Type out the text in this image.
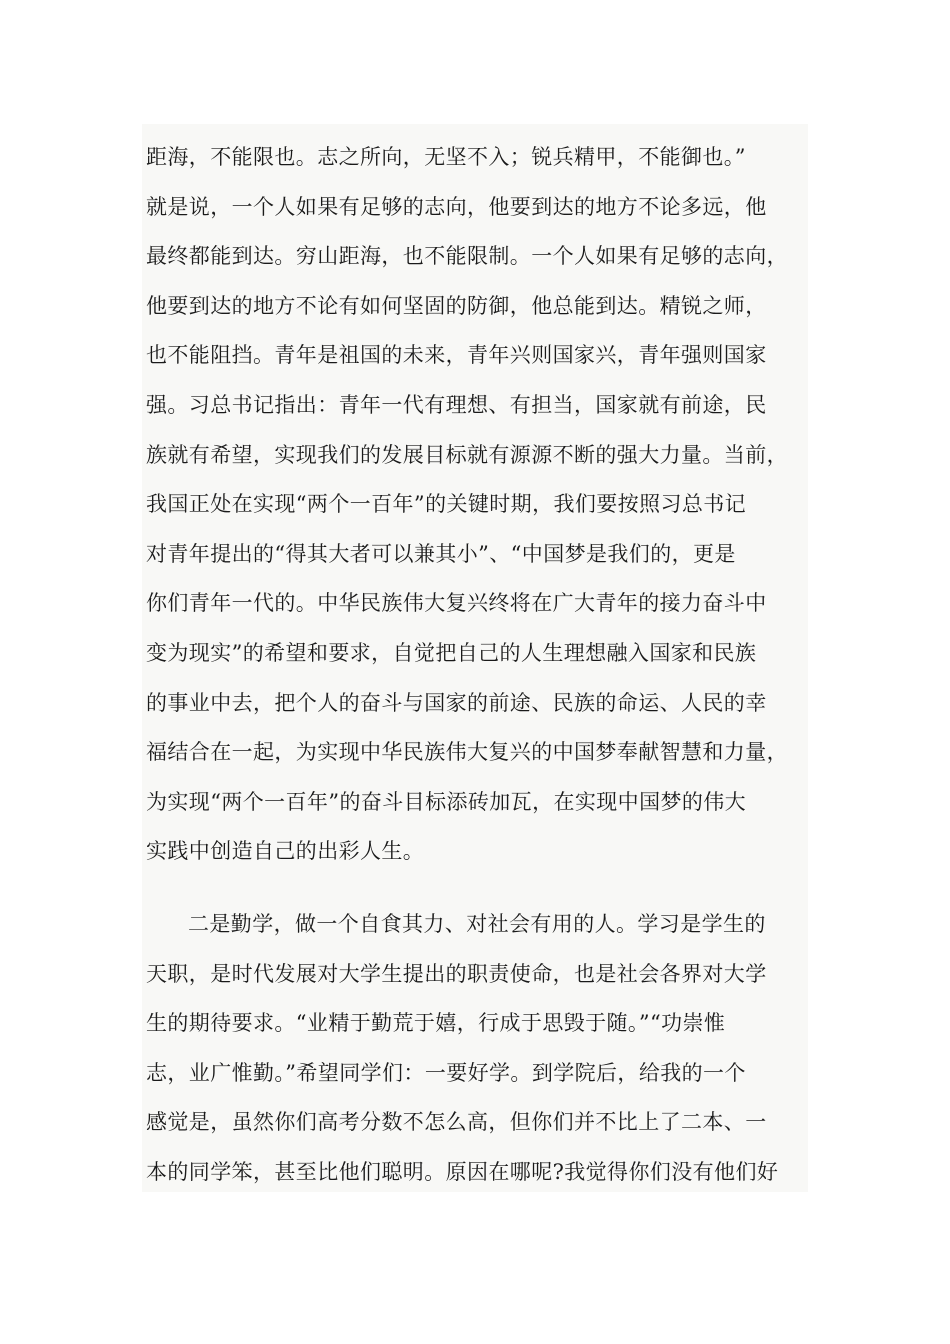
距海，不能限也。志之所向，无坚不入；锐兵精甲，不能御也。”
就是说，一个人如果有足够的志向，他要到达的地方不论多远，他
最终都能到达。穷山距海，也不能限制。一个人如果有足够的志向，
他要到达的地方不论有如何坚固的防御，他总能到达。精锐之师，
也不能阻挡。青年是祖国的未来，青年兴则国家兴，青年强则国家
强。习总书记指出：青年一代有理想、有担当，国家就有前途，民
族就有希望，实现我们的发展目标就有源源不断的强大力量。当前，
我国正处在实现“两个一百年”的关键时期，我们要按照习总书记
对青年提出的“得其大者可以兼其小”、“中国梦是我们的，更是
你们青年一代的。中华民族伟大复兴终将在广大青年的接力奋斗中
变为现实”的希望和要求，自觉把自己的人生理想融入国家和民族
的事业中去，把个人的奋斗与国家的前途、民族的命运、人民的幸
福结合在一起，为实现中华民族伟大复兴的中国梦奉献智慧和力量，
为实现“两个一百年”的奋斗目标添砖加瓦，在实现中国梦的伟大
实践中创造自己的出彩人生。
二是勤学，做一个自食其力、对社会有用的人。学习是学生的
天职，是时代发展对大学生提出的职责使命，也是社会各界对大学
生的期待要求。“业精于勤荒于嬉，行成于思毁于随。”“功崇惟
志，业广惟勤。”希望同学们：一要好学。到学院后，给我的一个
感觉是，虽然你们高考分数不怎么高，但你们并不比上了二本、一
本的同学笨，甚至比他们聪明。原因在哪呢?我觉得你们没有他们好
